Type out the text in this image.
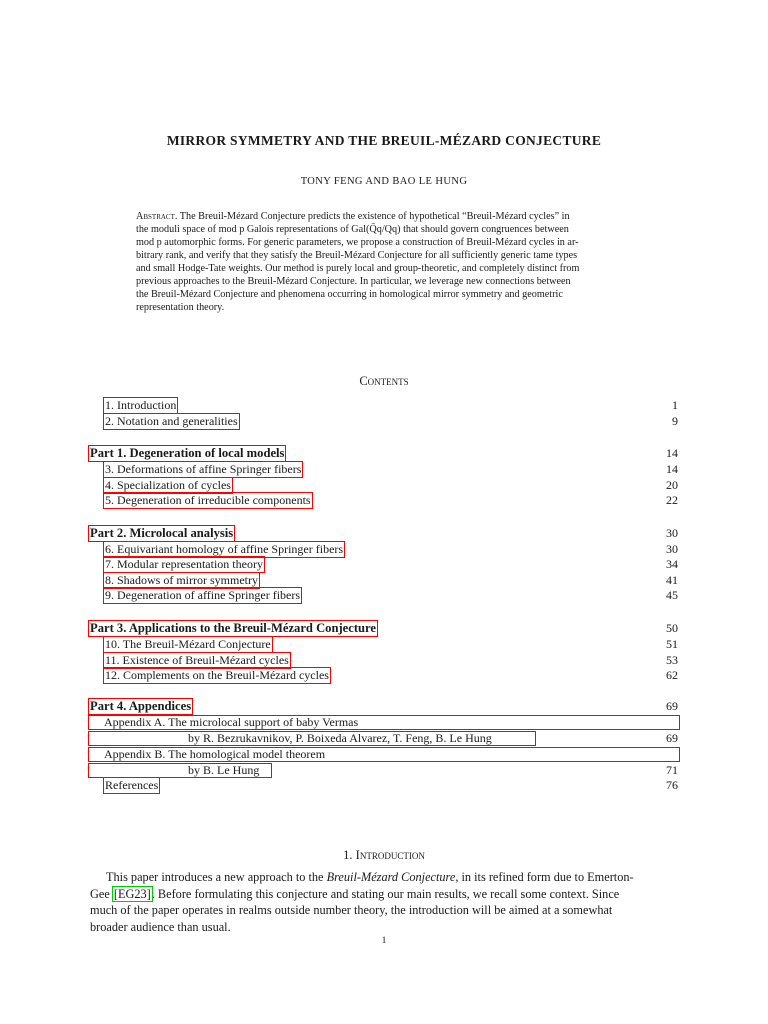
MIRROR SYMMETRY AND THE BREUIL-MÉZARD CONJECTURE
TONY FENG AND BAO LE HUNG
Abstract. The Breuil-Mézard Conjecture predicts the existence of hypothetical “Breuil-Mézard cycles” in
the moduli space of mod p Galois representations of Gal(Q̄q/Qq) that should govern congruences between
mod p automorphic forms. For generic parameters, we propose a construction of Breuil-Mézard cycles in ar-
bitrary rank, and verify that they satisfy the Breuil-Mézard Conjecture for all sufficiently generic tame types
and small Hodge-Tate weights. Our method is purely local and group-theoretic, and completely distinct from
previous approaches to the Breuil-Mézard Conjecture. In particular, we leverage new connections between
the Breuil-Mézard Conjecture and phenomena occurring in homological mirror symmetry and geometric
representation theory.
Contents
1. Introduction	1
2. Notation and generalities	9
Part 1. Degeneration of local models	14
3. Deformations of affine Springer fibers	14
4. Specialization of cycles	20
5. Degeneration of irreducible components	22
Part 2. Microlocal analysis	30
6. Equivariant homology of affine Springer fibers	30
7. Modular representation theory	34
8. Shadows of mirror symmetry	41
9. Degeneration of affine Springer fibers	45
Part 3. Applications to the Breuil-Mézard Conjecture	50
10. The Breuil-Mézard Conjecture	51
11. Existence of Breuil-Mézard cycles	53
12. Complements on the Breuil-Mézard cycles	62
Part 4. Appendices	69
Appendix A. The microlocal support of baby Vermas
by R. Bezrukavnikov, P. Boixeda Alvarez, T. Feng, B. Le Hung	69
Appendix B. The homological model theorem
by B. Le Hung	71
References	76
1. Introduction
This paper introduces a new approach to the Breuil-Mézard Conjecture, in its refined form due to Emerton-
Gee [EG23]. Before formulating this conjecture and stating our main results, we recall some context. Since
much of the paper operates in realms outside number theory, the introduction will be aimed at a somewhat
broader audience than usual.
1
